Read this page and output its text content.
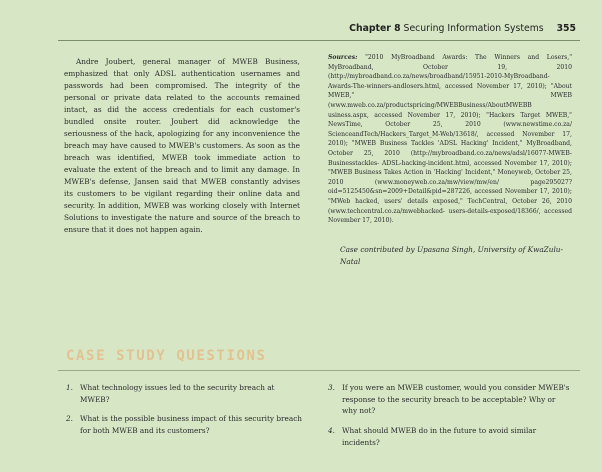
Chapter 8 Securing Information Systems 355
Andre Joubert, general manager of MWEB Business, emphasized that only ADSL authentication usernames and passwords had been compromised. The integrity of the personal or private data related to the accounts remained intact, as did the access credentials for each customer's bundled onsite router. Joubert did acknowledge the seriousness of the hack, apologizing for any inconvenience the breach may have caused to MWEB's customers. As soon as the breach was identified, MWEB took immediate action to evaluate the extent of the breach and to limit any damage. In MWEB's defense, Jansen said that MWEB constantly advises its customers to be vigilant regarding their online data and security. In addition, MWEB was working closely with Internet Solutions to investigate the nature and source of the breach to ensure that it does not happen again.
Sources: "2010 MyBroadband Awards: The Winners and Losers," MyBroadband, October 19, 2010 (http://mybroadband.co.za/news/broadband/15951-2010-MyBroadband-Awards-The-winners-andlosers.html, accessed November 17, 2010); "About MWEB," MWEB (www.mweb.co.za/productspricing/MWEBBusiness/AboutMWEBB usiness.aspx, accessed November 17, 2010); "Hackers Target MWEB," NewsTime, October 25, 2010 (www.newstime.co.za/ ScienceandTech/Hackers_Target_M-Web/13618/, accessed November 17, 2010); "MWEB Business Tackles 'ADSL Hacking' Incident," MyBroadband, October 25, 2010 (http://mybroadband.co.za/news/adsl/16077-MWEB-Businesstackles- ADSL-hacking-incident.html, accessed November 17, 2010); "MWEB Business Takes Action in 'Hacking' Incident," Moneyweb, October 25, 2010 (www.moneyweb.co.za/mw/view/mw/en/ page295027?oid=5125450&sn=2009+Detail&pid=287226, accessed November 17, 2010); "MWeb hacked, users' details exposed," TechCentral, October 26, 2010 (www.techcentral.co.za/mwebhacked- users-details-exposed/18366/, accessed November 17, 2010).
Case contributed by Upasana Singh, University of KwaZulu-Natal
CASE STUDY QUESTIONS
1. What technology issues led to the security breach at MWEB?
2. What is the possible business impact of this security breach for both MWEB and its customers?
3. If you were an MWEB customer, would you consider MWEB's response to the security breach to be acceptable? Why or why not?
4. What should MWEB do in the future to avoid similar incidents?
